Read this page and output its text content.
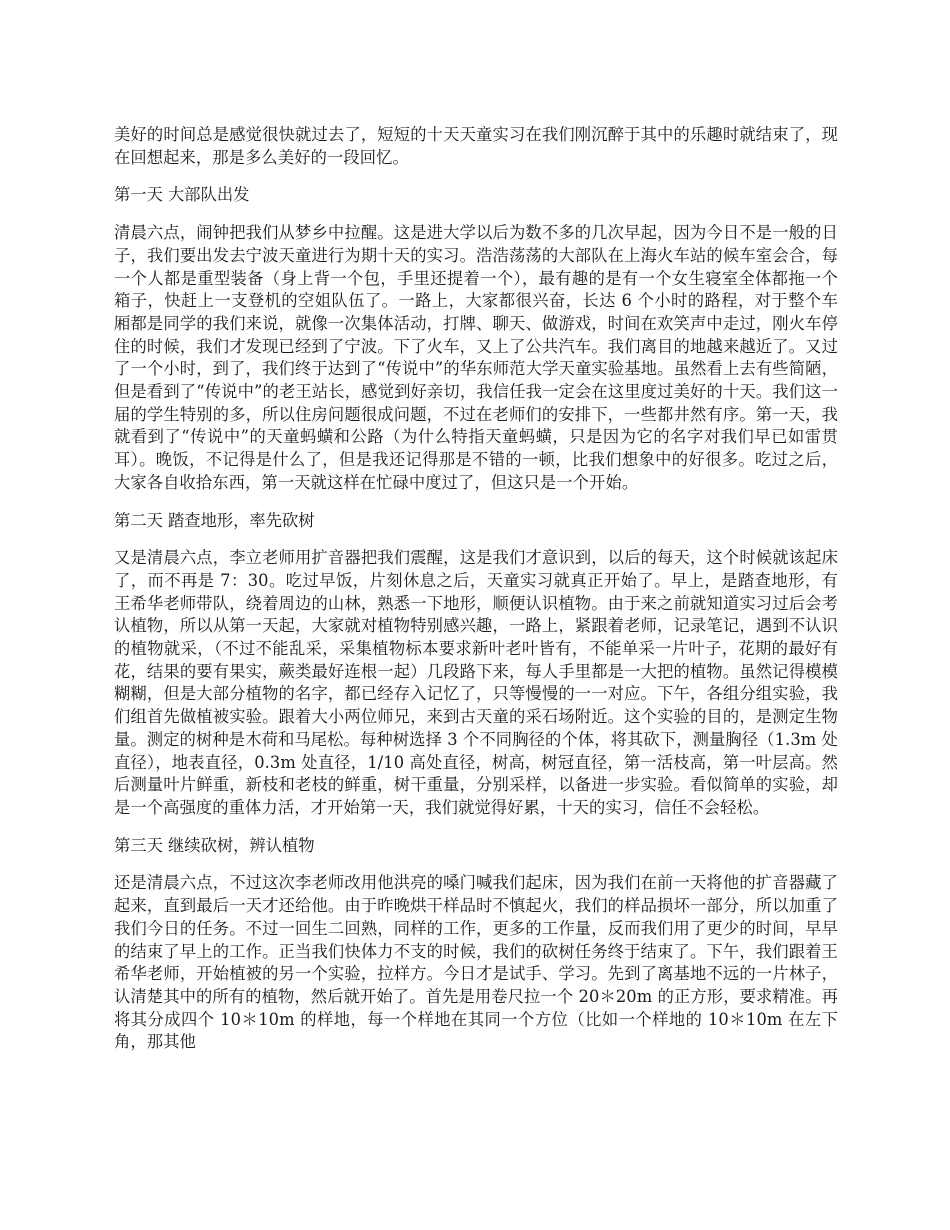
美好的时间总是感觉很快就过去了，短短的十天天童实习在我们刚沉醉于其中的乐趣时就结束了，现在回想起来，那是多么美好的一段回忆。

第一天 大部队出发

清晨六点，闹钟把我们从梦乡中拉醒。这是进大学以后为数不多的几次早起，因为今日不是一般的日子，我们要出发去宁波天童进行为期十天的实习。浩浩荡荡的大部队在上海火车站的候车室会合，每一个人都是重型装备（身上背一个包，手里还提着一个），最有趣的是有一个女生寝室全体都拖一个箱子，快赶上一支登机的空姐队伍了。一路上，大家都很兴奋，长达 6 个小时的路程，对于整个车厢都是同学的我们来说，就像一次集体活动，打牌、聊天、做游戏，时间在欢笑声中走过，刚火车停住的时候，我们才发现已经到了宁波。下了火车，又上了公共汽车。我们离目的地越来越近了。又过了一个小时，到了，我们终于达到了“传说中”的华东师范大学天童实验基地。虽然看上去有些简陋，但是看到了“传说中”的老王站长，感觉到好亲切，我信任我一定会在这里度过美好的十天。我们这一届的学生特别的多，所以住房问题很成问题，不过在老师们的安排下，一些都井然有序。第一天，我就看到了“传说中”的天童蚂蟥和公路（为什么特指天童蚂蟥，只是因为它的名字对我们早已如雷贯耳）。晚饭，不记得是什么了，但是我还记得那是不错的一顿，比我们想象中的好很多。吃过之后，大家各自收拾东西，第一天就这样在忙碌中度过了，但这只是一个开始。

第二天 踏查地形，率先砍树

又是清晨六点，李立老师用扩音器把我们震醒，这是我们才意识到，以后的每天，这个时候就该起床了，而不再是 7：30。吃过早饭，片刻休息之后，天童实习就真正开始了。早上，是踏查地形，有王希华老师带队，绕着周边的山林，熟悉一下地形，顺便认识植物。由于来之前就知道实习过后会考认植物，所以从第一天起，大家就对植物特别感兴趣，一路上，紧跟着老师，记录笔记，遇到不认识的植物就采，（不过不能乱采，采集植物标本要求新叶老叶皆有，不能单采一片叶子，花期的最好有花，结果的要有果实，蕨类最好连根一起）几段路下来，每人手里都是一大把的植物。虽然记得模模糊糊，但是大部分植物的名字，都已经存入记忆了，只等慢慢的一一对应。下午，各组分组实验，我们组首先做植被实验。跟着大小两位师兄，来到古天童的采石场附近。这个实验的目的，是测定生物量。测定的树种是木荷和马尾松。每种树选择 3 个不同胸径的个体，将其砍下，测量胸径（1.3m 处直径），地表直径，0.3m 处直径，1/10 高处直径，树高，树冠直径，第一活枝高，第一叶层高。然后测量叶片鲜重，新枝和老枝的鲜重，树干重量，分别采样，以备进一步实验。看似简单的实验，却是一个高强度的重体力活，才开始第一天，我们就觉得好累，十天的实习，信任不会轻松。

第三天 继续砍树，辨认植物

还是清晨六点，不过这次李老师改用他洪亮的嗓门喊我们起床，因为我们在前一天将他的扩音器藏了起来，直到最后一天才还给他。由于昨晚烘干样品时不慎起火，我们的样品损坏一部分，所以加重了我们今日的任务。不过一回生二回熟，同样的工作，更多的工作量，反而我们用了更少的时间，早早的结束了早上的工作。正当我们快体力不支的时候，我们的砍树任务终于结束了。下午，我们跟着王希华老师，开始植被的另一个实验，拉样方。今日才是试手、学习。先到了离基地不远的一片林子，认清楚其中的所有的植物，然后就开始了。首先是用卷尺拉一个 20＊20m 的正方形，要求精准。再将其分成四个 10＊10m 的样地，每一个样地在其同一个方位（比如一个样地的 10＊10m 在左下角，那其他
